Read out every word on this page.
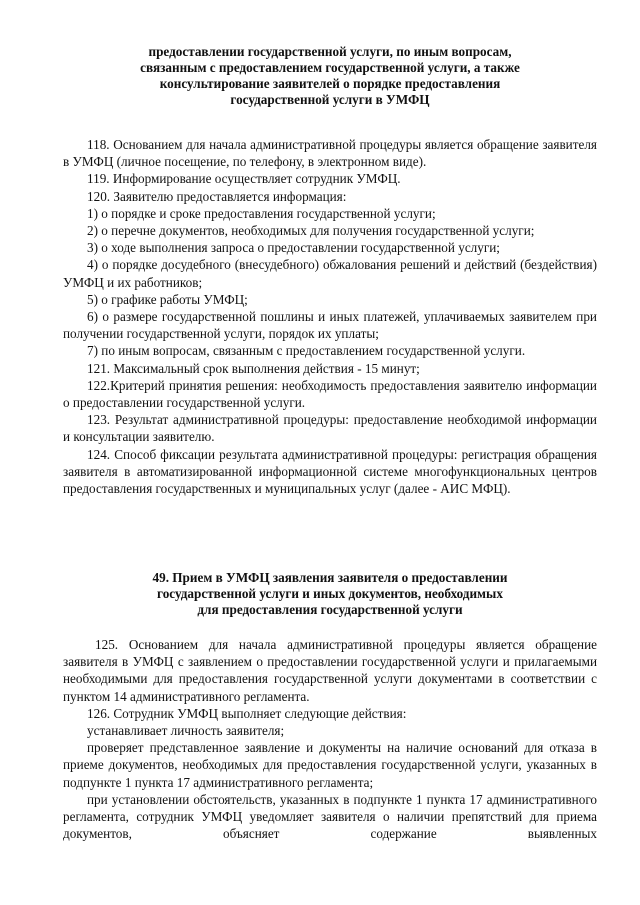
предоставлении государственной услуги, по иным вопросам,
связанным с предоставлением государственной услуги, а также
консультирование заявителей о порядке предоставления
государственной услуги в УМФЦ

118. Основанием для начала административной процедуры является обращение заявителя в УМФЦ (личное посещение, по телефону, в электронном виде).

119. Информирование осуществляет сотрудник УМФЦ.

120. Заявителю предоставляется информация:

1) о порядке и сроке предоставления государственной услуги;

2) о перечне документов, необходимых для получения государственной услуги;

3) о ходе выполнения запроса о предоставлении государственной услуги;

4) о порядке досудебного (внесудебного) обжалования решений и действий (бездействия) УМФЦ и их работников;

5) о графике работы УМФЦ;

6) о размере государственной пошлины и иных платежей, уплачиваемых заявителем при получении государственной услуги, порядок их уплаты;

7) по иным вопросам, связанным с предоставлением государственной услуги.

121. Максимальный срок выполнения действия - 15 минут;

122.Критерий принятия решения: необходимость предоставления заявителю информации о предоставлении государственной услуги.

123. Результат административной процедуры: предоставление необходимой информации и консультации заявителю.

124. Способ фиксации результата административной процедуры: регистрация обращения заявителя в автоматизированной информационной системе многофункциональных центров предоставления государственных и муниципальных услуг (далее - АИС МФЦ).

49. Прием в УМФЦ заявления заявителя о предоставлении
государственной услуги и иных документов, необходимых
для предоставления государственной услуги

125. Основанием для начала административной процедуры является обращение заявителя в УМФЦ с заявлением о предоставлении государственной услуги и прилагаемыми необходимыми для предоставления государственной услуги документами в соответствии с пунктом 14 административного регламента.

126. Сотрудник УМФЦ выполняет следующие действия:

устанавливает личность заявителя;

проверяет представленное заявление и документы на наличие оснований для отказа в приеме документов, необходимых для предоставления государственной услуги, указанных в подпункте 1 пункта 17 административного регламента;

при установлении обстоятельств, указанных в подпункте 1 пункта 17 административного регламента, сотрудник УМФЦ уведомляет заявителя о наличии препятствий для приема документов, объясняет содержание выявленных
